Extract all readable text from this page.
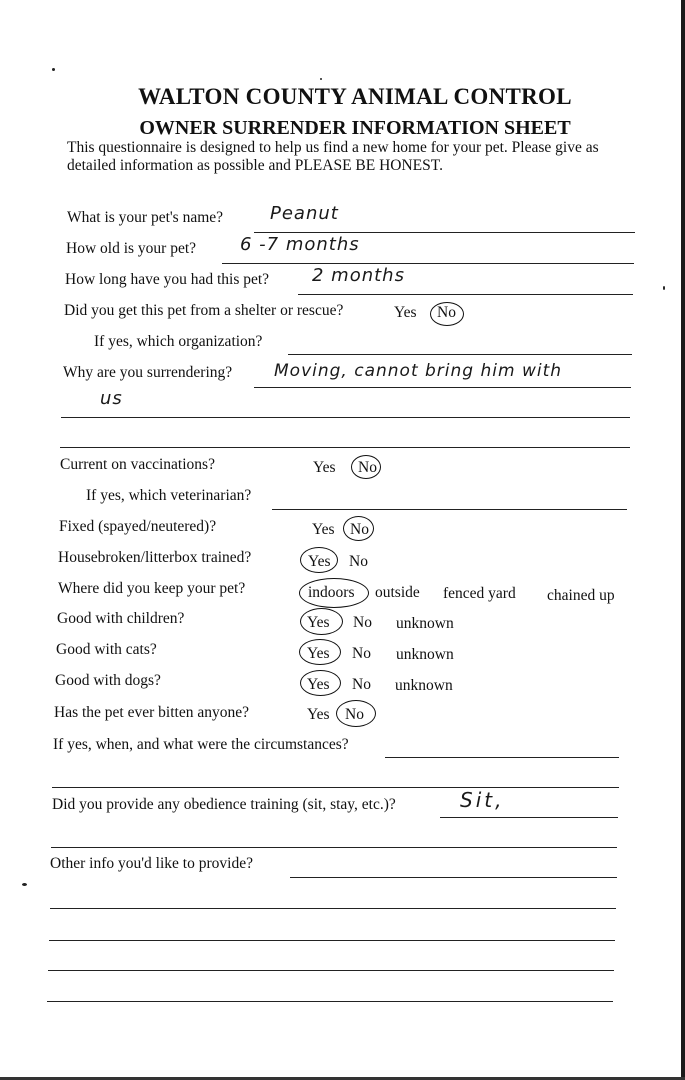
WALTON COUNTY ANIMAL CONTROL
OWNER SURRENDER INFORMATION SHEET
This questionnaire is designed to help us find a new home for your pet. Please give as detailed information as possible and PLEASE BE HONEST.
What is your pet's name?	Peanut
How old is your pet? 6 -7 months
How long have you had this pet? 2 months
Did you get this pet from a shelter or rescue?	Yes No
If yes, which organization?
Why are you surrendering? Moving, cannot bring him with
us
Current on vaccinations?	Yes No
If yes, which veterinarian?
Fixed (spayed/neutered)?	Yes No
Housebroken/litterbox trained?	Yes No
Where did you keep your pet?	indoors outside fenced yard chained up
Good with children?	Yes No unknown
Good with cats?	Yes No unknown
Good with dogs?	Yes No unknown
Has the pet ever bitten anyone?	Yes No
If yes, when, and what were the circumstances?
Did you provide any obedience training (sit, stay, etc.)?	Sit,
Other info you'd like to provide?
